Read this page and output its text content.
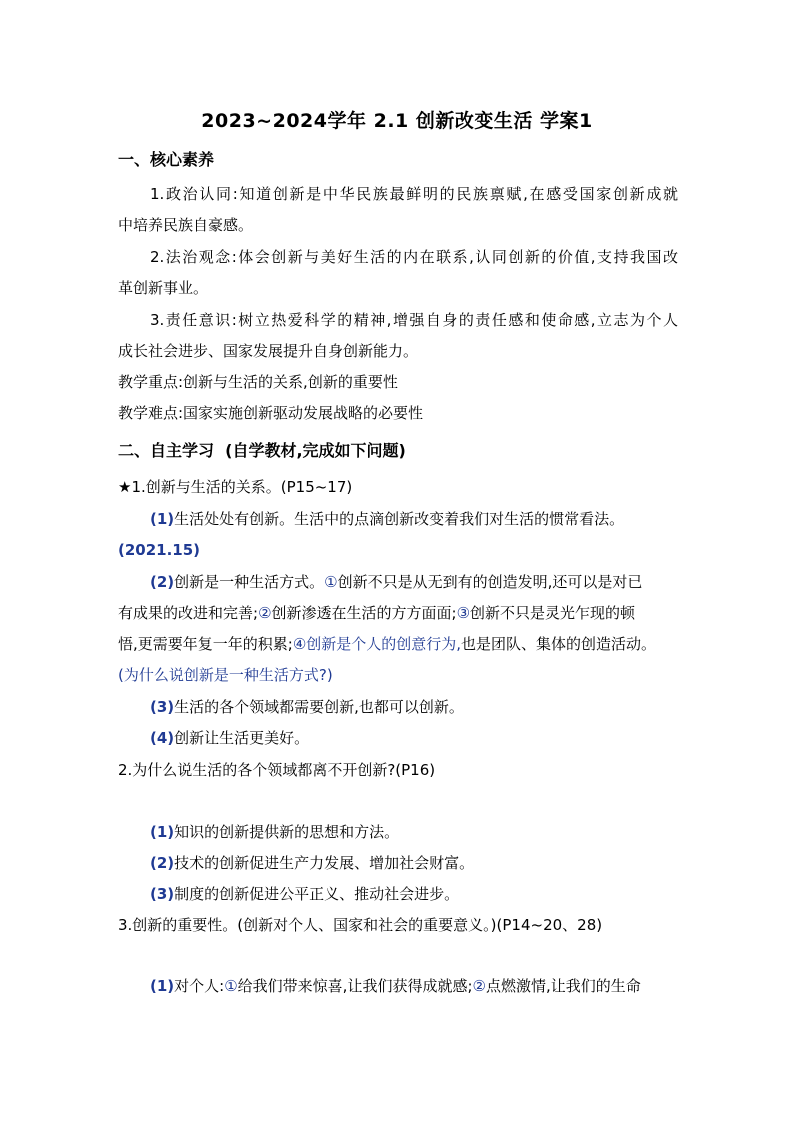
2023~2024学年 2.1 创新改变生活 学案1
一、核心素养
1.政治认同:知道创新是中华民族最鲜明的民族禀赋,在感受国家创新成就
中培养民族自豪感。
2.法治观念:体会创新与美好生活的内在联系,认同创新的价值,支持我国改
革创新事业。
3.责任意识:树立热爱科学的精神,增强自身的责任感和使命感,立志为个人
成长社会进步、国家发展提升自身创新能力。
教学重点:创新与生活的关系,创新的重要性
教学难点:国家实施创新驱动发展战略的必要性
二、自主学习  (自学教材,完成如下问题)
★1.创新与生活的关系。(P15~17)
(1)生活处处有创新。生活中的点滴创新改变着我们对生活的惯常看法。
(2021.15)
(2)创新是一种生活方式。①创新不只是从无到有的创造发明,还可以是对已
有成果的改进和完善;②创新渗透在生活的方方面面;③创新不只是灵光乍现的顿
悟,更需要年复一年的积累;④创新是个人的创意行为,也是团队、集体的创造活动。
(为什么说创新是一种生活方式?)
(3)生活的各个领域都需要创新,也都可以创新。
(4)创新让生活更美好。
2.为什么说生活的各个领域都离不开创新?(P16)
(1)知识的创新提供新的思想和方法。
(2)技术的创新促进生产力发展、增加社会财富。
(3)制度的创新促进公平正义、推动社会进步。
3.创新的重要性。(创新对个人、国家和社会的重要意义。)(P14~20、28)
(1)对个人:①给我们带来惊喜,让我们获得成就感;②点燃激情,让我们的生命
